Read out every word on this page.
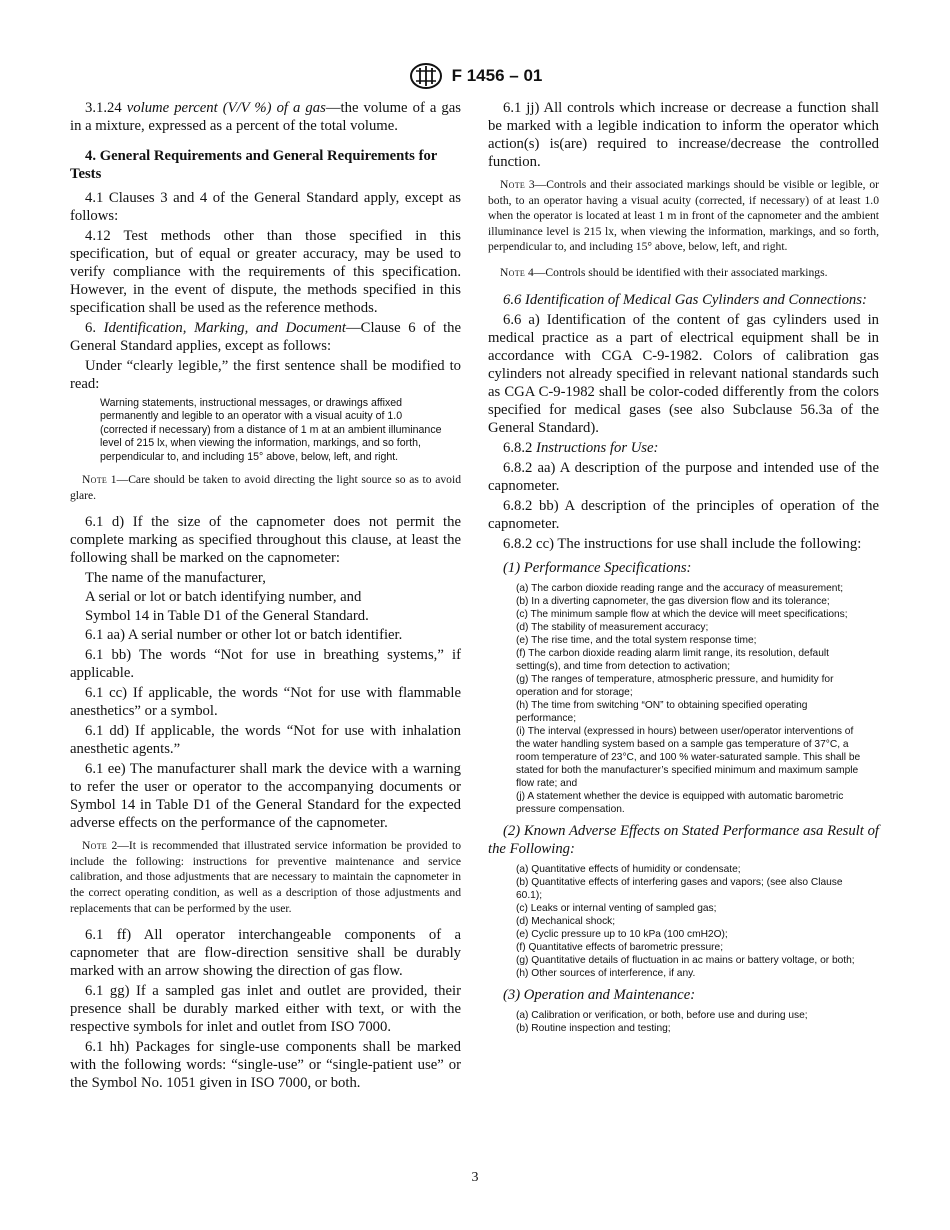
F 1456 – 01

3.1.24 volume percent (V/V %) of a gas—the volume of a gas in a mixture, expressed as a percent of the total volume.

4. General Requirements and General Requirements for Tests

4.1 Clauses 3 and 4 of the General Standard apply, except as follows:

4.12 Test methods other than those specified in this specification, but of equal or greater accuracy, may be used to verify compliance with the requirements of this specification. However, in the event of dispute, the methods specified in this specification shall be used as the reference methods.

6. Identification, Marking, and Document—Clause 6 of the General Standard applies, except as follows:

Under “clearly legible,” the first sentence shall be modified to read:

Warning statements, instructional messages, or drawings affixed permanently and legible to an operator with a visual acuity of 1.0 (corrected if necessary) from a distance of 1 m at an ambient illuminance level of 215 lx, when viewing the information, markings, and so forth, perpendicular to, and including 15° above, below, left, and right.

Note 1—Care should be taken to avoid directing the light source so as to avoid glare.

6.1 d) If the size of the capnometer does not permit the complete marking as specified throughout this clause, at least the following shall be marked on the capnometer:

The name of the manufacturer,

A serial or lot or batch identifying number, and

Symbol 14 in Table D1 of the General Standard.

6.1 aa) A serial number or other lot or batch identifier.

6.1 bb) The words “Not for use in breathing systems,” if applicable.

6.1 cc) If applicable, the words “Not for use with flammable anesthetics” or a symbol.

6.1 dd) If applicable, the words “Not for use with inhalation anesthetic agents.”

6.1 ee) The manufacturer shall mark the device with a warning to refer the user or operator to the accompanying documents or Symbol 14 in Table D1 of the General Standard for the expected adverse effects on the performance of the capnometer.

Note 2—It is recommended that illustrated service information be provided to include the following: instructions for preventive maintenance and service calibration, and those adjustments that are necessary to maintain the capnometer in the correct operating condition, as well as a description of those adjustments and replacements that can be performed by the user.

6.1 ff) All operator interchangeable components of a capnometer that are flow-direction sensitive shall be durably marked with an arrow showing the direction of gas flow.

6.1 gg) If a sampled gas inlet and outlet are provided, their presence shall be durably marked either with text, or with the respective symbols for inlet and outlet from ISO 7000.

6.1 hh) Packages for single-use components shall be marked with the following words: “single-use” or “single-patient use” or the Symbol No. 1051 given in ISO 7000, or both.

6.1 jj) All controls which increase or decrease a function shall be marked with a legible indication to inform the operator which action(s) is(are) required to increase/decrease the controlled function.

Note 3—Controls and their associated markings should be visible or legible, or both, to an operator having a visual acuity (corrected, if necessary) of at least 1.0 when the operator is located at least 1 m in front of the capnometer and the ambient illuminance level is 215 lx, when viewing the information, markings, and so forth, perpendicular to, and including 15° above, below, left, and right.

Note 4—Controls should be identified with their associated markings.

6.6 Identification of Medical Gas Cylinders and Connections:

6.6 a) Identification of the content of gas cylinders used in medical practice as a part of electrical equipment shall be in accordance with CGA C-9-1982. Colors of calibration gas cylinders not already specified in relevant national standards such as CGA C-9-1982 shall be color-coded differently from the colors specified for medical gases (see also Subclause 56.3a of the General Standard).

6.8.2 Instructions for Use:

6.8.2 aa) A description of the purpose and intended use of the capnometer.

6.8.2 bb) A description of the principles of operation of the capnometer.

6.8.2 cc) The instructions for use shall include the following:

(1) Performance Specifications:

(a) The carbon dioxide reading range and the accuracy of measurement;
(b) In a diverting capnometer, the gas diversion flow and its tolerance;
(c) The minimum sample flow at which the device will meet specifications;
(d) The stability of measurement accuracy;
(e) The rise time, and the total system response time;
(f) The carbon dioxide reading alarm limit range, its resolution, default setting(s), and time from detection to activation;
(g) The ranges of temperature, atmospheric pressure, and humidity for operation and for storage;
(h) The time from switching “ON” to obtaining specified operating performance;
(i) The interval (expressed in hours) between user/operator interventions of the water handling system based on a sample gas temperature of 37°C, a room temperature of 23°C, and 100 % water-saturated sample. This shall be stated for both the manufacturer’s specified minimum and maximum sample flow rate; and
(j) A statement whether the device is equipped with automatic barometric pressure compensation.

(2) Known Adverse Effects on Stated Performance asa Result of the Following:

(a) Quantitative effects of humidity or condensate;
(b) Quantitative effects of interfering gases and vapors; (see also Clause 60.1);
(c) Leaks or internal venting of sampled gas;
(d) Mechanical shock;
(e) Cyclic pressure up to 10 kPa (100 cmH2O);
(f) Quantitative effects of barometric pressure;
(g) Quantitative details of fluctuation in ac mains or battery voltage, or both;
(h) Other sources of interference, if any.

(3) Operation and Maintenance:

(a) Calibration or verification, or both, before use and during use;
(b) Routine inspection and testing;
3
